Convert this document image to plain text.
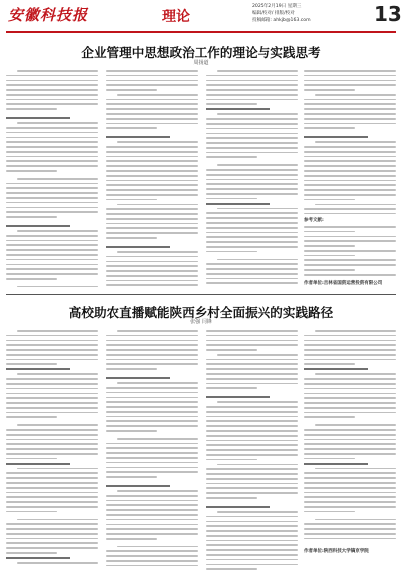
安徽科技报	理论
2025年2月19日 星期三
编辑/校对/ 排版/校对
投稿邮箱: ahkjb@163.com	13
企业管理中思想政治工作的理论与实践思考
周扬道
参考文献:
作者单位:吉林省国资运营投资有限公司
高校助农直播赋能陕西乡村全面振兴的实践路径
张强 闫锋
作者单位:陕西科技大学镐京学院
